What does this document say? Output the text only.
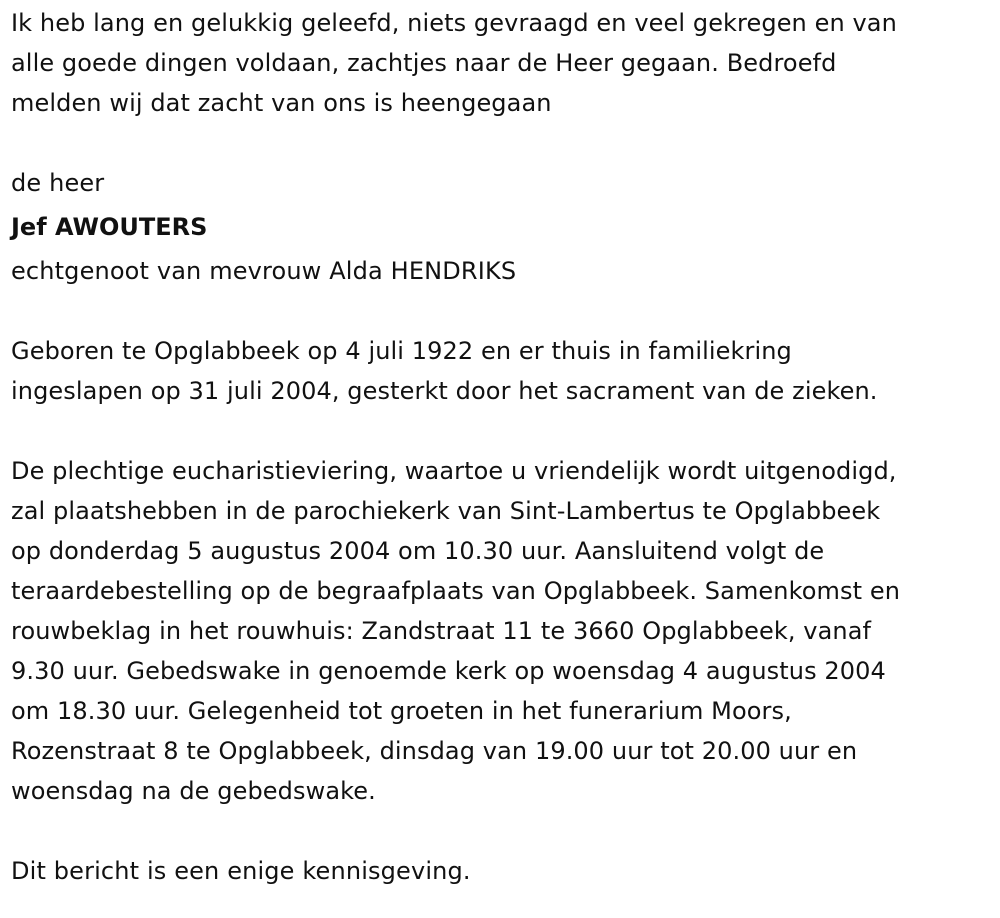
Ik heb lang en gelukkig geleefd, niets gevraagd en veel gekregen en van
alle goede dingen voldaan, zachtjes naar de Heer gegaan. Bedroefd
melden wij dat zacht van ons is heengegaan
de heer
Jef AWOUTERS
echtgenoot van mevrouw Alda HENDRIKS
Geboren te Opglabbeek op 4 juli 1922 en er thuis in familiekring
ingeslapen op 31 juli 2004, gesterkt door het sacrament van de zieken.
De plechtige eucharistieviering, waartoe u vriendelijk wordt uitgenodigd,
zal plaatshebben in de parochiekerk van Sint-Lambertus te Opglabbeek
op donderdag 5 augustus 2004 om 10.30 uur. Aansluitend volgt de
teraardebestelling op de begraafplaats van Opglabbeek. Samenkomst en
rouwbeklag in het rouwhuis: Zandstraat 11 te 3660 Opglabbeek, vanaf
9.30 uur. Gebedswake in genoemde kerk op woensdag 4 augustus 2004
om 18.30 uur. Gelegenheid tot groeten in het funerarium Moors,
Rozenstraat 8 te Opglabbeek, dinsdag van 19.00 uur tot 20.00 uur en
woensdag na de gebedswake.
Dit bericht is een enige kennisgeving.
